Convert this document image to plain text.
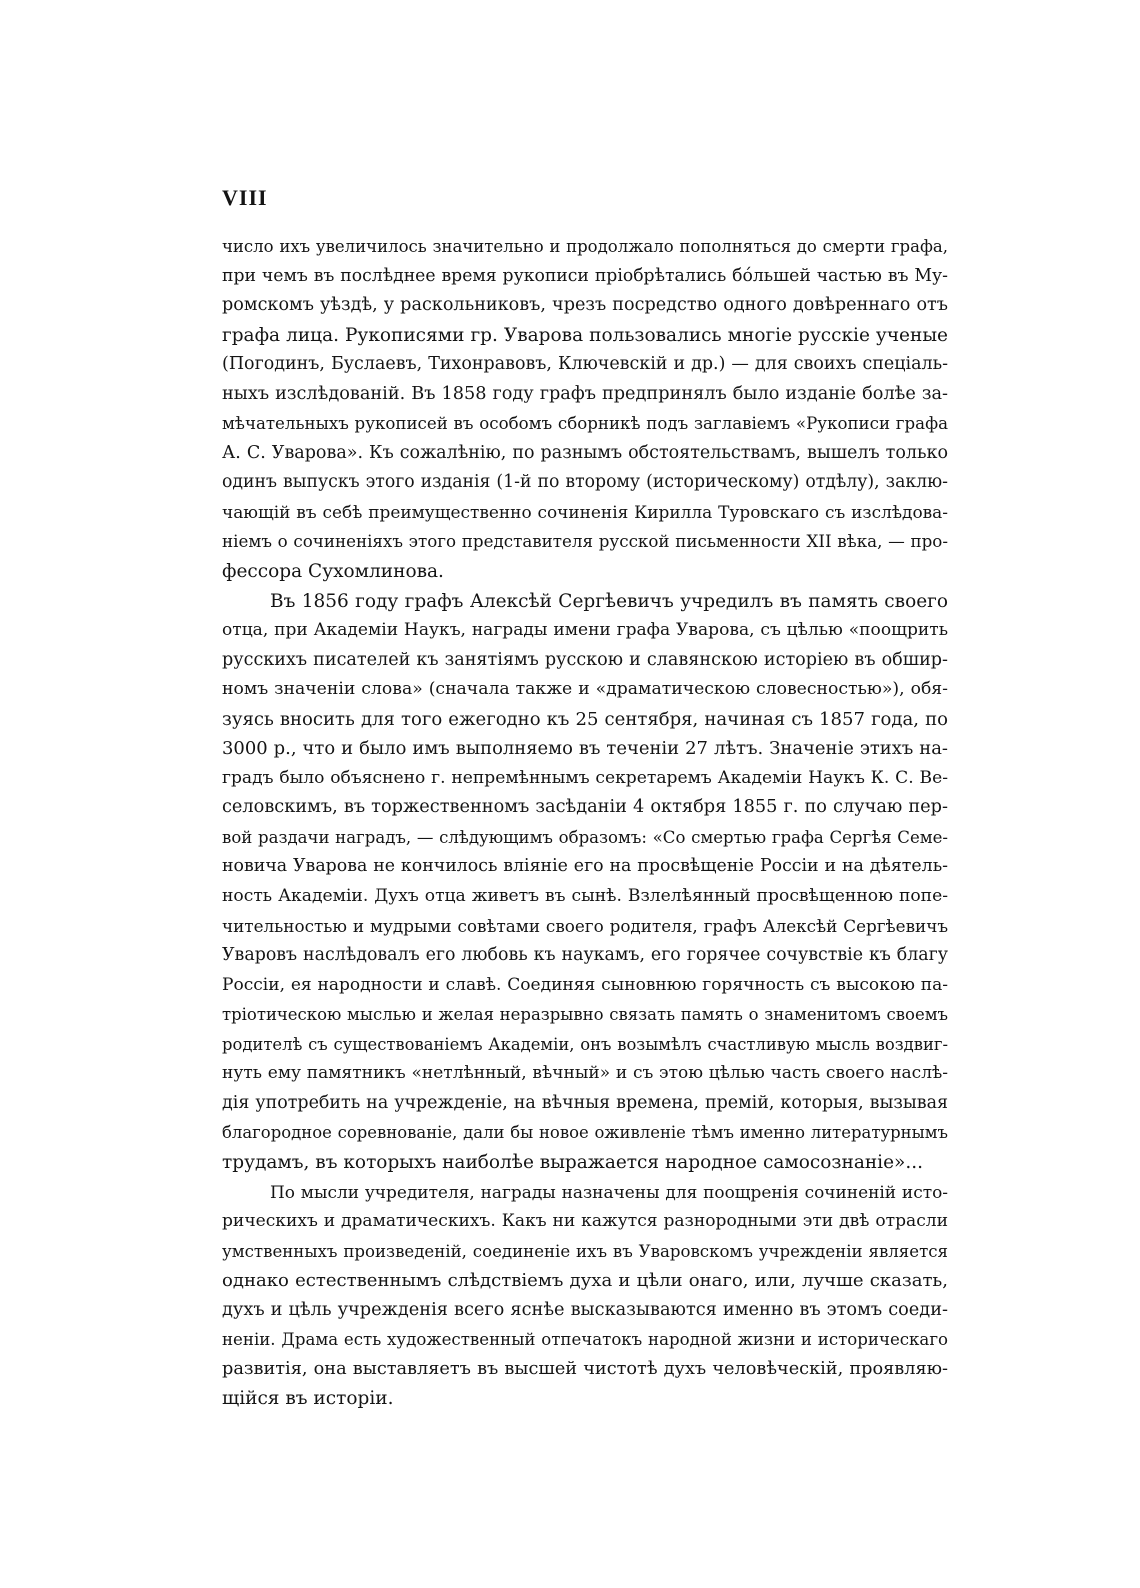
VIII
число ихъ увеличилось значительно и продолжало пополняться до смерти графа,
при чемъ въ послѣднее время рукописи пріобрѣтались бо́льшей частью въ Му-
ромскомъ уѣздѣ, у раскольниковъ, чрезъ посредство одного довѣреннаго отъ
графа лица. Рукописями гр. Уварова пользовались многіе русскіе ученые
(Погодинъ, Буслаевъ, Тихонравовъ, Ключевскій и др.) — для своихъ спеціаль-
ныхъ изслѣдованій. Въ 1858 году графъ предпринялъ было изданіе болѣе за-
мѣчательныхъ рукописей въ особомъ сборникѣ подъ заглавіемъ «Рукописи графа
А. С. Уварова». Къ сожалѣнію, по разнымъ обстоятельствамъ, вышелъ только
одинъ выпускъ этого изданія (1-й по второму (историческому) отдѣлу), заклю-
чающій въ себѣ преимущественно сочиненія Кирилла Туровскаго съ изслѣдова-
ніемъ о сочиненіяхъ этого представителя русской письменности XII вѣка, — про-
фессора Сухомлинова.
Въ 1856 году графъ Алексѣй Сергѣевичъ учредилъ въ память своего
отца, при Академіи Наукъ, награды имени графа Уварова, съ цѣлью «поощрить
русскихъ писателей къ занятіямъ русскою и славянскою исторіею въ обшир-
номъ значеніи слова» (сначала также и «драматическою словесностью»), обя-
зуясь вносить для того ежегодно къ 25 сентября, начиная съ 1857 года, по
3000 р., что и было имъ выполняемо въ теченіи 27 лѣтъ. Значеніе этихъ на-
градъ было объяснено г. непремѣннымъ секретаремъ Академіи Наукъ К. С. Ве-
селовскимъ, въ торжественномъ засѣданіи 4 октября 1855 г. по случаю пер-
вой раздачи наградъ, — слѣдующимъ образомъ: «Со смертью графа Сергѣя Семе-
новича Уварова не кончилось вліяніе его на просвѣщеніе Россіи и на дѣятель-
ность Академіи. Духъ отца живетъ въ сынѣ. Взлелѣянный просвѣщенною попе-
чительностью и мудрыми совѣтами своего родителя, графъ Алексѣй Сергѣевичъ
Уваровъ наслѣдовалъ его любовь къ наукамъ, его горячее сочувствіе къ благу
Россіи, ея народности и славѣ. Соединяя сыновнюю горячность съ высокою па-
тріотическою мыслью и желая неразрывно связать память о знаменитомъ своемъ
родителѣ съ существованіемъ Академіи, онъ возымѣлъ счастливую мысль воздвиг-
нуть ему памятникъ «нетлѣнный, вѣчный» и съ этою цѣлью часть своего наслѣ-
дія употребить на учрежденіе, на вѣчныя времена, премій, которыя, вызывая
благородное соревнованіе, дали бы новое оживленіе тѣмъ именно литературнымъ
трудамъ, въ которыхъ наиболѣе выражается народное самосознаніе»...
По мысли учредителя, награды назначены для поощренія сочиненій исто-
рическихъ и драматическихъ. Какъ ни кажутся разнородными эти двѣ отрасли
умственныхъ произведеній, соединеніе ихъ въ Уваровскомъ учрежденіи является
однако естественнымъ слѣдствіемъ духа и цѣли онаго, или, лучше сказать,
духъ и цѣль учрежденія всего яснѣе высказываются именно въ этомъ соеди-
неніи. Драма есть художественный отпечатокъ народной жизни и историческаго
развитія, она выставляетъ въ высшей чистотѣ духъ человѣческій, проявляю-
щійся въ исторіи.
